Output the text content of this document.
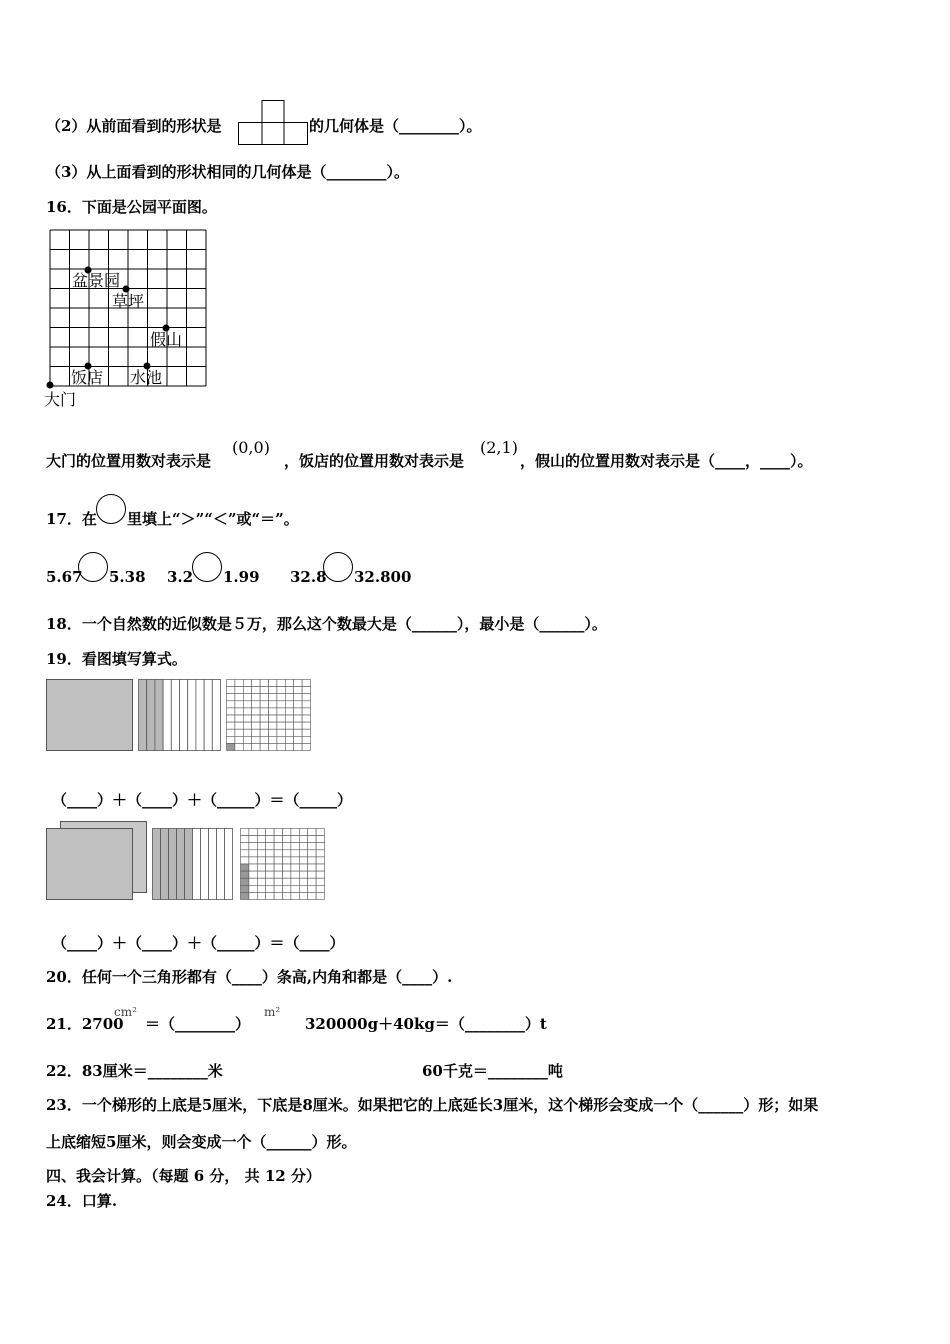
（2）从前面看到的形状是	的几何体是（________）。
（3）从上面看到的形状相同的几何体是（________）。
16．下面是公园平面图。
盆景园
草坪
假山
饭店 水池
大门
大门的位置用数对表示是
(0,0)
，饭店的位置用数对表示是
(2,1)
，假山的位置用数对表示是（____，____）。
17．在 里填上“＞”“＜”或“＝”。
5.67 5.38 3.2 1.99 32.8 32.800
18．一个自然数的近似数是５万，那么这个数最大是（______），最小是（______）。
19．看图填写算式。
（____）＋（____）＋（_____）＝（_____）
（____）＋（____）＋（_____）＝（____）
20．任何一个三角形都有（____）条高,内角和都是（____）.
21．2700
cm²
＝（________）
m²
320000g＋40kg＝（________）t
22．83厘米＝________米	60千克＝________吨
23．一个梯形的上底是5厘米，下底是8厘米。如果把它的上底延长3厘米，这个梯形会变成一个（______）形；如果
上底缩短5厘米，则会变成一个（______）形。
四、我会计算。（每题 6 分， 共 12 分）
24．口算.
